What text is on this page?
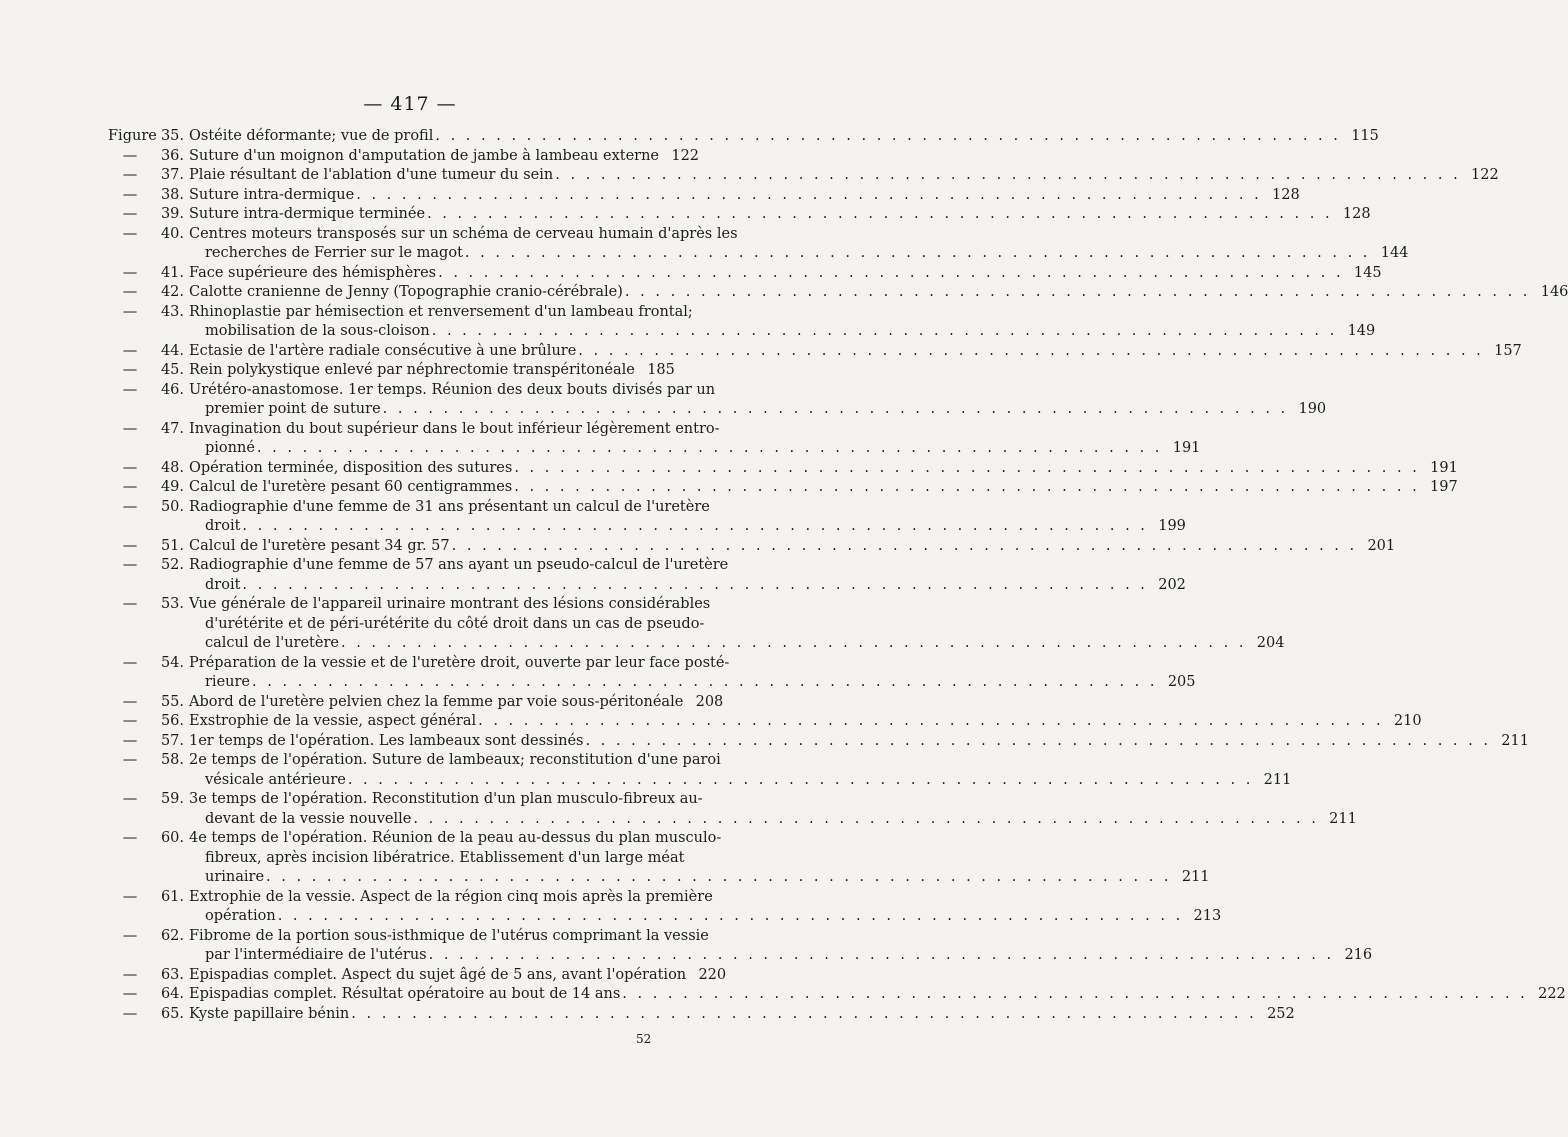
— 417 —
Figure 35. Ostéite déformante; vue de profil . . .	115
—	36. Suture d'un moignon d'amputation de jambe à lambeau externe 122
—	37. Plaie résultant de l'ablation d'une tumeur du sein . . .	122
—	38. Suture intra-dermique . . .	128
—	39. Suture intra-dermique terminée . . .	128
—	40. Centres moteurs transposés sur un schéma de cerveau humain d'après les
recherches de Ferrier sur le magot . . .	144
—	41. Face supérieure des hémisphères . . .	145
—	42. Calotte cranienne de Jenny (Topographie cranio-cérébrale) . . .	146
—	43. Rhinoplastie par hémisection et renversement d'un lambeau frontal;
mobilisation de la sous-cloison . . .	149
—	44. Ectasie de l'artère radiale consécutive à une brûlure . . .	157
—	45. Rein polykystique enlevé par néphrectomie transpéritonéale 185
—	46. Urétéro-anastomose. 1er temps. Réunion des deux bouts divisés par un
premier point de suture . . .	190
—	47. Invagination du bout supérieur dans le bout inférieur légèrement entro-
pionné . . .	191
—	48. Opération terminée, disposition des sutures . . .	191
—	49. Calcul de l'uretère pesant 60 centigrammes . . .	197
—	50. Radiographie d'une femme de 31 ans présentant un calcul de l'uretère
droit . . .	199
—	51. Calcul de l'uretère pesant 34 gr. 57 . . .	201
—	52. Radiographie d'une femme de 57 ans ayant un pseudo-calcul de l'uretère
droit . . .	202
—	53. Vue générale de l'appareil urinaire montrant des lésions considérables
d'urétérite et de péri-urétérite du côté droit dans un cas de pseudo-
calcul de l'uretère . . .	204
—	54. Préparation de la vessie et de l'uretère droit, ouverte par leur face posté-
rieure . . .	205
—	55. Abord de l'uretère pelvien chez la femme par voie sous-péritonéale 208
—	56. Exstrophie de la vessie, aspect général . . .	210
—	57. 1er temps de l'opération. Les lambeaux sont dessinés . . .	211
—	58. 2e temps de l'opération. Suture de lambeaux; reconstitution d'une paroi
vésicale antérieure . . .	211
—	59. 3e temps de l'opération. Reconstitution d'un plan musculo-fibreux au-
devant de la vessie nouvelle . . .	211
—	60. 4e temps de l'opération. Réunion de la peau au-dessus du plan musculo-
fibreux, après incision libératrice. Etablissement d'un large méat
urinaire . . .	211
—	61. Extrophie de la vessie. Aspect de la région cinq mois après la première
opération . . .	213
—	62. Fibrome de la portion sous-isthmique de l'utérus comprimant la vessie
par l'intermédiaire de l'utérus . . .	216
—	63. Epispadias complet. Aspect du sujet âgé de 5 ans, avant l'opération 220
—	64. Epispadias complet. Résultat opératoire au bout de 14 ans . . .	222
—	65. Kyste papillaire bénin . . .	252
52
